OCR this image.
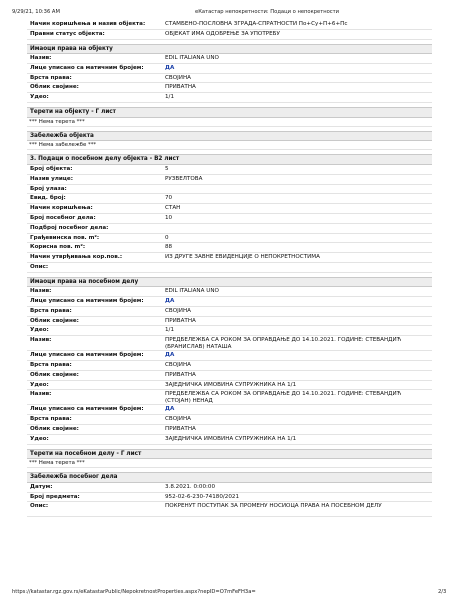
9/29/21, 10:36 AM	еКатастар непокретности: Подаци о непокретности
Начин коришћења и назив објекта:	СТАМБЕНО-ПОСЛОВНА ЗГРАДА-СПРАТНОСТИ По+Су+П+6+Пс
Правни статус објекта:	ОБЈЕКАТ ИМА ОДОБРЕЊЕ ЗА УПОТРЕБУ
Имаоци права на објекту
Назив:	EDIL ITALIANA UNO
Лице уписано са матичним бројем:	ДА
Врста права:	СВОЈИНА
Облик својине:	ПРИВАТНА
Удео:	1/1
Терети на објекту - Г лист
*** Нема терета ***
Забележба објекта
*** Нема забележбе ***
3. Подаци о посебном делу објекта - В2 лист
Број објекта:	5
Назив улице:	РУЗВЕЛТОВА
Број улаза:
Евид. број:	70
Начин коришћења:	СТАН
Број посебног дела:	10
Подброј посебног дела:
Грађевинска пов. m²:	0
Корисна пов. m²:	88
Начин утврђивања кор.пов.:	ИЗ ДРУГЕ ЗАВНЕ ЕВИДЕНЦИЈЕ О НЕПОКРЕТНОСТИМА
Опис:
Имаоци права на посебном делу
Назив:	EDIL ITALIANA UNO
Лице уписано са матичним бројем:	ДА
Врста права:	СВОЈИНА
Облик својине:	ПРИВАТНА
Удео:	1/1
Назив:	ПРЕДБЕЛЕЖБА СА РОКОМ ЗА ОПРАВДАЊЕ ДО 14.10.2021. ГОДИНЕ: СТЕВАНДИЋ (БРАНИСЛАВ) НАТАША
Лице уписано са матичним бројем:	ДА
Врста права:	СВОЈИНА
Облик својине:	ПРИВАТНА
Удео:	ЗАЈЕДНИЧКА ИМОВИНА СУПРУЖНИКА НА 1/1
Назив:	ПРЕДБЕЛЕЖБА СА РОКОМ ЗА ОПРАВДАЊЕ ДО 14.10.2021. ГОДИНЕ: СТЕВАНДИЋ (СТОЈАН) НЕНАД
Лице уписано са матичним бројем:	ДА
Врста права:	СВОЈИНА
Облик својине:	ПРИВАТНА
Удео:	ЗАЈЕДНИЧКА ИМОВИНА СУПРУЖНИКА НА 1/1
Терети на посебном делу - Г лист
*** Нема терета ***
Забележба посебног дела
Датум:	3.8.2021. 0:00:00
Број предмета:	952-02-6-230-74180/2021
Опис:	ПОКРЕНУТ ПОСТУПАК ЗА ПРОМЕНУ НОСИОЦА ПРАВА НА ПОСЕБНОМ ДЕЛУ
https://katastar.rgz.gov.rs/eKatastarPublic/NepokretnostProperties.aspx?nepID=O7mFeFH3a=	2/3
